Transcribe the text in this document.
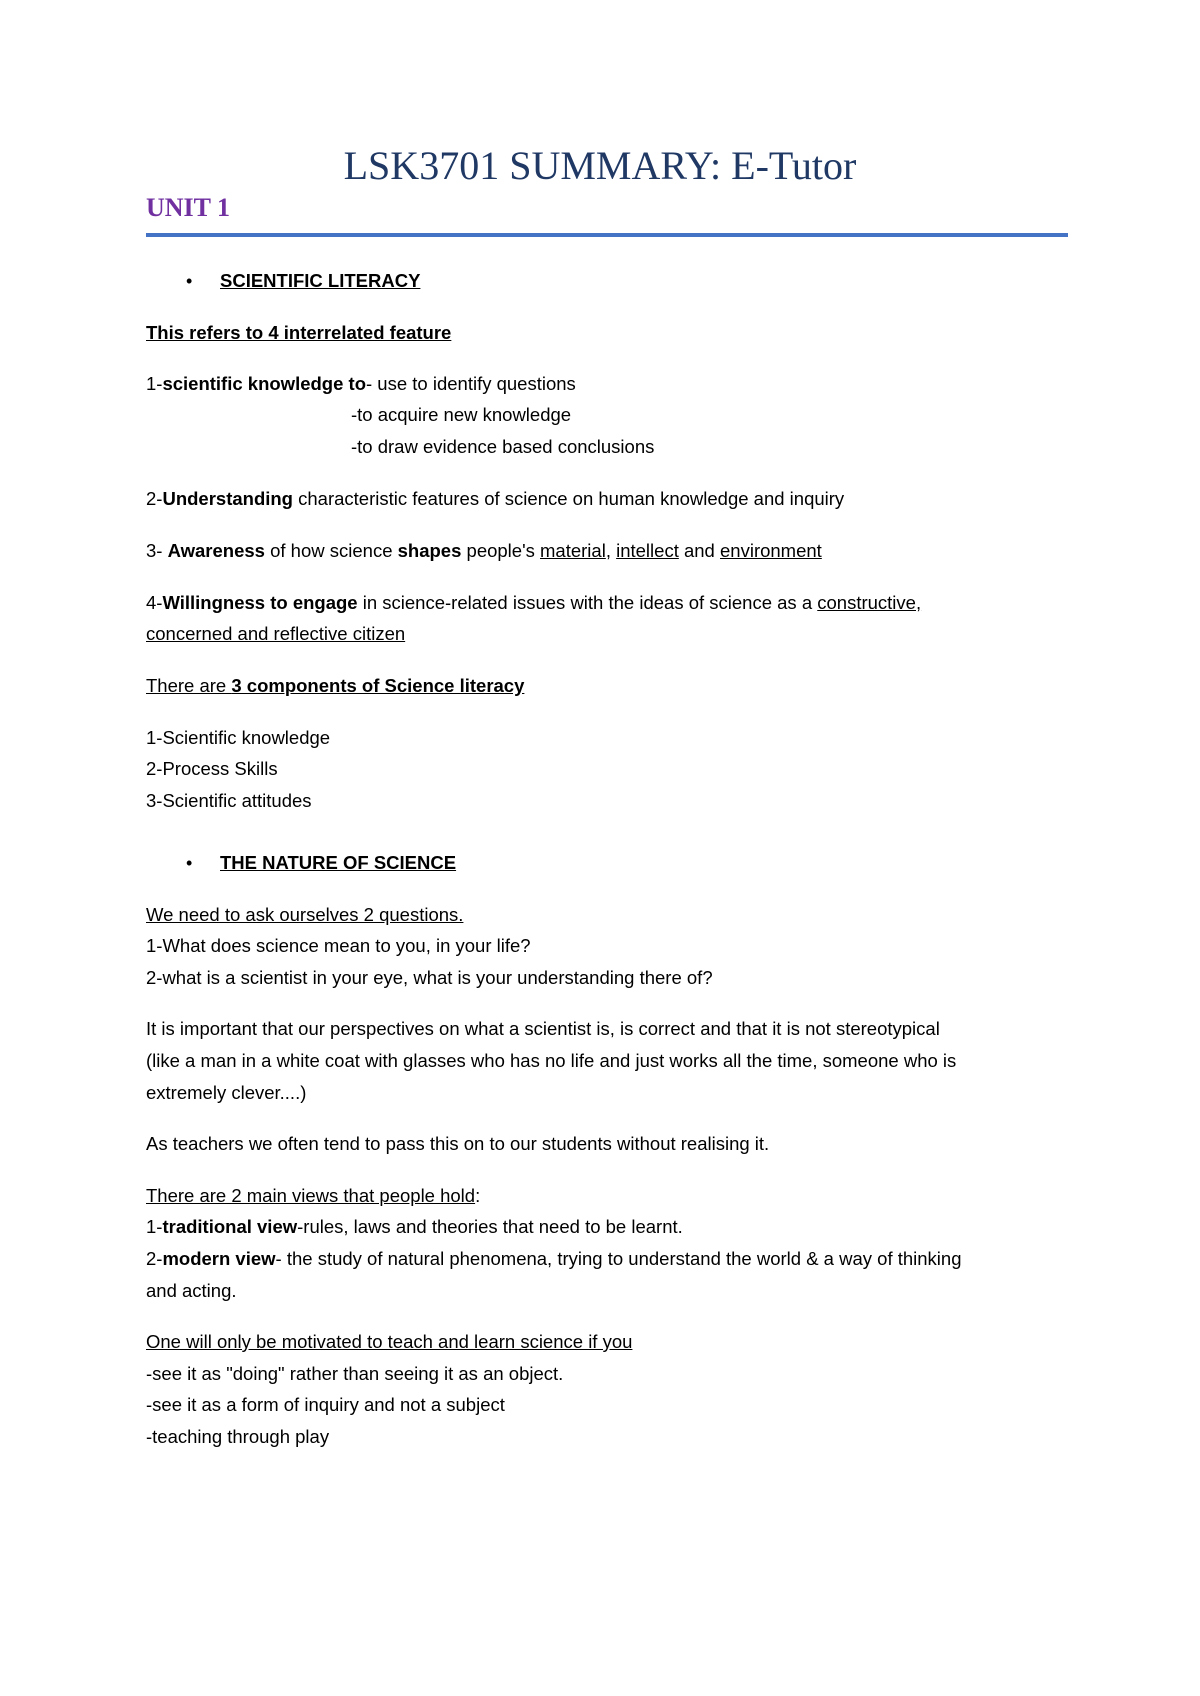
LSK3701 SUMMARY: E-Tutor
UNIT 1
• SCIENTIFIC LITERACY

This refers to 4 interrelated feature

1-scientific knowledge to- use to identify questions

-to acquire new knowledge

-to draw evidence based conclusions

2-Understanding characteristic features of science on human knowledge and inquiry

3- Awareness of how science shapes people's material, intellect and environment

4-Willingness to engage in science-related issues with the ideas of science as a constructive,

concerned and reflective citizen

There are 3 components of Science literacy

1-Scientific knowledge

2-Process Skills

3-Scientific attitudes

• THE NATURE OF SCIENCE

We need to ask ourselves 2 questions.

1-What does science mean to you, in your life?

2-what is a scientist in your eye, what is your understanding there of?

It is important that our perspectives on what a scientist is, is correct and that it is not stereotypical

(like a man in a white coat with glasses who has no life and just works all the time, someone who is

extremely clever....)

As teachers we often tend to pass this on to our students without realising it.

There are 2 main views that people hold:

1-traditional view-rules, laws and theories that need to be learnt.

2-modern view- the study of natural phenomena, trying to understand the world & a way of thinking

and acting.

One will only be motivated to teach and learn science if you

-see it as "doing" rather than seeing it as an object.

-see it as a form of inquiry and not a subject

-teaching through play
